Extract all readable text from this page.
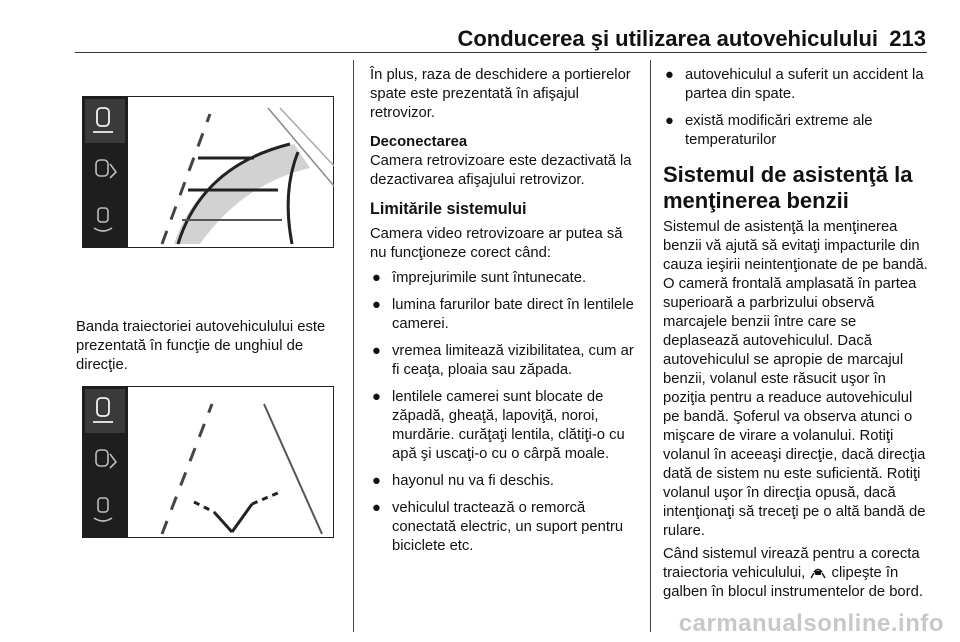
Conducerea şi utilizarea autovehiculului 213
Banda traiectoriei autovehiculului este prezentată în funcţie de unghiul de direcţie.

În plus, raza de deschidere a portierelor spate este prezentată în afişajul retrovizor.

Deconectarea

Camera retrovizoare este dezactivată la dezactivarea afişajului retrovizor.

Limitările sistemului

Camera video retrovizoare ar putea să nu funcţioneze corect când:

● împrejurimile sunt întunecate.
● lumina farurilor bate direct în lentilele camerei.
● vremea limitează vizibilitatea, cum ar fi ceaţa, ploaia sau zăpada.
● lentilele camerei sunt blocate de zăpadă, gheaţă, lapoviţă, noroi, murdărie. curăţaţi lentila, clătiţi-o cu apă şi uscaţi-o cu o cârpă moale.
● hayonul nu va fi deschis.
● vehiculul tractează o remorcă conectată electric, un suport pentru biciclete etc.
● autovehiculul a suferit un accident la partea din spate.
● există modificări extreme ale temperaturilor
Sistemul de asistenţă la menţinerea benzii

Sistemul de asistenţă la menţinerea benzii vă ajută să evitaţi impacturile din cauza ieşirii neintenţionate de pe bandă. O cameră frontală amplasată în partea superioară a parbrizului observă marcajele benzii între care se deplasează autovehiculul. Dacă autovehiculul se apropie de marcajul benzii, volanul este răsucit uşor în poziţia pentru a readuce autovehiculul pe bandă. Şoferul va observa atunci o mişcare de virare a volanului. Rotiţi volanul în aceeaşi direcţie, dacă direcţia dată de sistem nu este suficientă. Rotiţi volanul uşor în direcţia opusă, dacă intenţionaţi să treceţi pe o altă bandă de rulare.

Când sistemul virează pentru a corecta traiectoria vehiculului, clipeşte în galben în blocul instrumentelor de bord.

carmanualsonline.info
